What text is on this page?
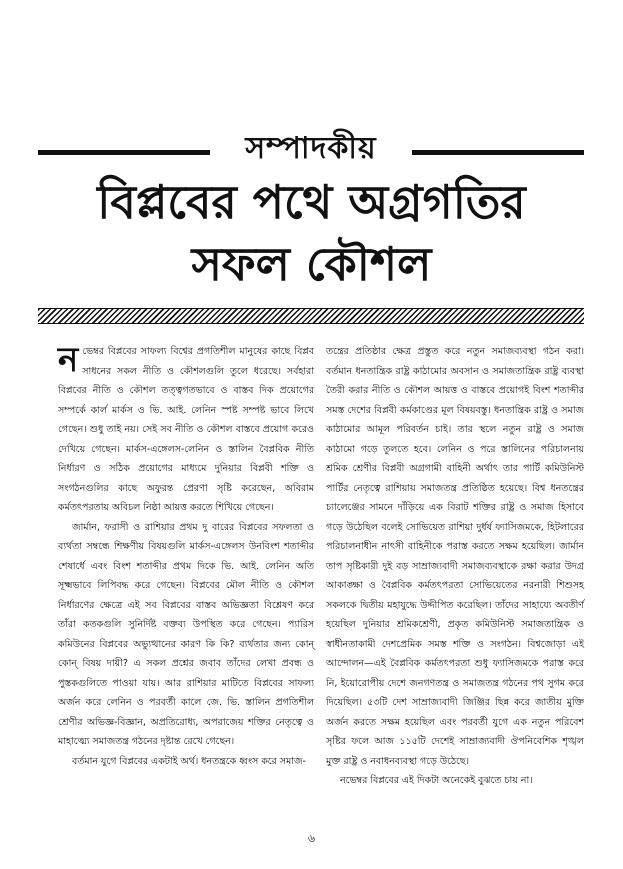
সম্পাদকীয়
বিপ্লবের পথে অগ্রগতির
সফল কৌশল

নভেম্বর বিপ্লবের সাফল্য বিশ্বের প্রগতিশীল মানুষের কাছে বিপ্লব সাধনের সকল নীতি ও কৌশলগুলি তুলে ধরেছে। সর্বহারা বিপ্লবের নীতি ও কৌশল তত্ত্বগতভাবে ও বাস্তব দিক প্রয়োগের সম্পর্কে কার্ল মার্কস ও ভি. আই. লেনিন স্পষ্ট সম্পষ্ট ভাবে লিখে গেছেন। শুধু তাই নয়। সেই সব নীতি ও কৌশল বাস্তবে প্রয়োগ করেও দেখিয়ে গেছেন। মার্কস-এঙ্গেলস-লেনিন ও স্তালিন বৈপ্লবিক নীতি নির্ধারণ ও সঠিক প্রয়োগের মাধ্যমে দুনিয়ার বিপ্লবী শক্তি ও সংগঠনগুলির কাছে অফুরন্ত প্রেরণা সৃষ্টি করেছেন, অবিরাম কর্মতৎপরতায় অবিচল নিষ্ঠা আয়ত্ত করতে শিখিয়ে গেছেন।

জার্মান, ফরাসী ও রাশিয়ার প্রথম দু বারের বিপ্লবের সফলতা ও ব্যর্থতা সম্বন্ধে শিক্ষণীয় বিষয়গুলি মার্কস-এঙ্গেলস উনবিংশ শতাব্দীর শেষার্ধে এবং বিংশ শতাব্দীর প্রথম দিকে ভি. আই. লেনিন অতি সূক্ষ্মভাবে লিপিবদ্ধ করে গেছেন। বিপ্লবের মৌল নীতি ও কৌশল নির্ধারণের ক্ষেত্রে এই সব বিপ্লবের বাস্তব অভিজ্ঞতা বিশ্লেষণ করে তাঁরা কতকগুলি সুনির্দিষ্ট বক্তব্য উপস্থিত করে গেছেন। প্যারিস কমিউনের বিপ্লবের অভ্যুত্থানের কারণ কি কি? ব্যর্থতার জন্য কোন্‌ কোন্‌ বিষয় দায়ী? এ সকল প্রশ্নের জবাব তাঁদের লেখা প্রবন্ধ ও পুস্তকগুলিতে পাওয়া যায়। আর রাশিয়ার মাটিতে বিপ্লবের সাফল্য অর্জন করে লেনিন ও পরবর্তী কালে জে. ভি. স্তালিন প্রগতিশীল শ্রেণীর অভিজ্ঞ-বিজ্ঞান, অপ্রতিরোধ্য, অপরাজেয় শক্তির নেতৃত্বে ও মাহাত্ম্যে সমাজতন্ত্র গঠনের দৃষ্টান্ত রেখে গেছেন।

বর্তমান যুগে বিপ্লবের একটাই অর্থ। ধনতন্ত্রকে ধ্বংস করে সমাজ-

তন্ত্রের প্রতিষ্ঠার ক্ষেত্র প্রস্তুত করে নতুন সমাজব্যবস্থা গঠন করা। বর্তমান ধনতান্ত্রিক রাষ্ট্র কাঠামোর অবসান ও সমাজতান্ত্রিক রাষ্ট্র ব্যবস্থা তৈরী করার নীতি ও কৌশল আয়ত্ত ও বাস্তবে প্রয়োগই বিংশ শতাব্দীর সমস্ত দেশের বিপ্লবী কর্মকাণ্ডের মূল বিষয়বস্তু। ধনতান্ত্রিক রাষ্ট্র ও সমাজ কাঠামোর আমূল পরিবর্তন চাই। তার স্থলে নতুন রাষ্ট্র ও সমাজ কাঠামো গড়ে তুলতে হবে। লেনিন ও পরে স্তালিনের পরিচালনায় শ্রমিক শ্রেণীর বিপ্লবী অগ্রগামী বাহিনী অর্থাৎ তার পার্টি কমিউনিস্ট পার্টির নেতৃত্বে রাশিয়ায় সমাজতন্ত্র প্রতিষ্ঠিত হয়েছে। বিশ্ব ধনতন্ত্রের চ্যালেঞ্জের সামনে দাঁড়িয়ে এক বিরাট শক্তির রাষ্ট্র ও সমাজ হিসাবে গড়ে উঠেছিল বলেই সোভিয়েত রাশিয়া দুর্ধর্ষ ফ্যাসিজমকে, হিটলারের পরিচালনাধীন নাৎসী বাহিনীকে পরাস্ত করতে সক্ষম হয়েছিল। জার্মান তাপ সৃষ্টিকারী দুই বড় সাম্রাজ্যবাদী সমাজব্যবস্থাকে রক্ষা করার উদগ্র আকাঙ্ক্ষা ও বৈপ্লবিক কর্মতৎপরতা সোভিয়েতের নরনারী শিশুসহ সকলকে দ্বিতীয় মহাযুদ্ধে উদ্দীপিত করেছিল। তাঁদের সাহায্যে অবতীর্ণ হয়েছিল দুনিয়ার শ্রমিকশ্রেণী, প্রকৃত কমিউনিস্ট সমাজতান্ত্রিক ও স্বাধীনতাকামী দেশপ্রেমিক সমস্ত শক্তি ও সংগঠন। বিশ্বজোড়া এই আন্দোলন—এই বৈপ্লবিক কর্মতৎপরতা শুধু ফ্যাসিজমকে পরাস্ত করে নি, ইয়োরোপীয় দেশে জনগণতন্ত্র ও সমাজতন্ত্র গঠনের পথ সুগম করে দিয়েছিল। ৫৩টি দেশ সাম্রাজ্যবাদী জিঞ্জির ছিন্ন করে জাতীয় মুক্তি অর্জন করতে সক্ষম হয়েছিল এবং পরবর্তী যুগে এক নতুন পরিবেশ সৃষ্টির ফলে আজ ১১৫টি দেশেই সাম্রাজ্যবাদী ঔপনিবেশিক শৃঙ্খল মুক্ত রাষ্ট্র ও নবাধনব্যবস্থা গড়ে উঠেছে।

নভেম্বর বিপ্লবের এই দিকটা অনেকেই বুঝতে চায় না।

৬
